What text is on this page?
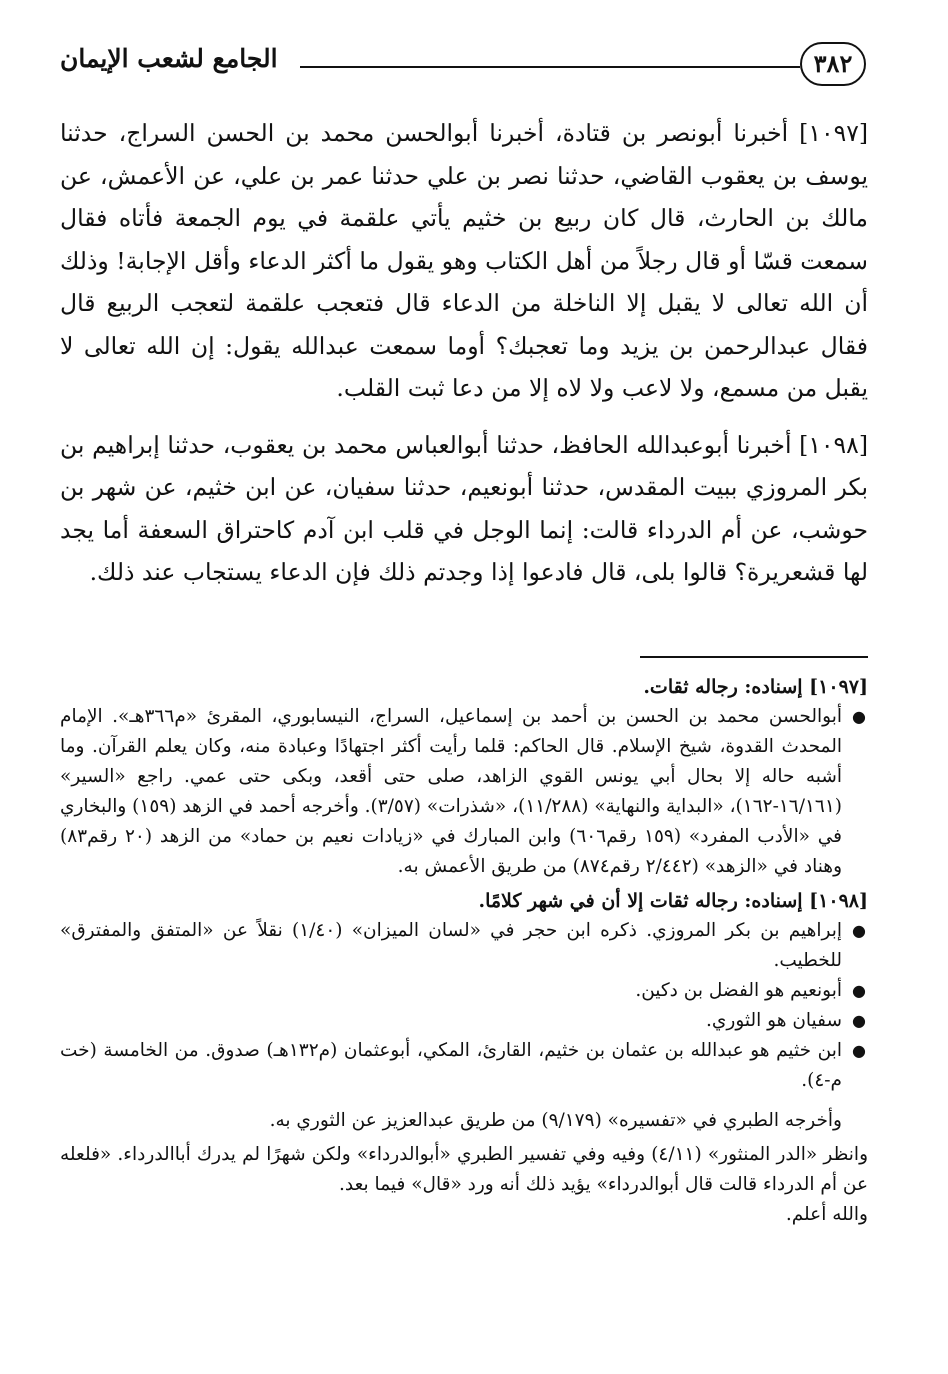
٣٨٢
الجامع لشعب الإيمان

[١٠٩٧] أخبرنا أبونصر بن قتادة، أخبرنا أبوالحسن محمد بن الحسن السراج، حدثنا يوسف بن يعقوب القاضي، حدثنا نصر بن علي حدثنا عمر بن علي، عن الأعمش، عن مالك بن الحارث، قال كان ربيع بن خثيم يأتي علقمة في يوم الجمعة فأتاه فقال سمعت قسّا أو قال رجلاً من أهل الكتاب وهو يقول ما أكثر الدعاء وأقل الإجابة! وذلك أن الله تعالى لا يقبل إلا الناخلة من الدعاء قال فتعجب علقمة لتعجب الربيع قال فقال عبدالرحمن بن يزيد وما تعجبك؟ أوما سمعت عبدالله يقول: إن الله تعالى لا يقبل من مسمع، ولا لاعب ولا لاه إلا من دعا ثبت القلب.

[١٠٩٨] أخبرنا أبوعبدالله الحافظ، حدثنا أبوالعباس محمد بن يعقوب، حدثنا إبراهيم بن بكر المروزي ببيت المقدس، حدثنا أبونعيم، حدثنا سفيان، عن ابن خثيم، عن شهر بن حوشب، عن أم الدرداء قالت: إنما الوجل في قلب ابن آدم كاحتراق السعفة أما يجد لها قشعريرة؟ قالوا بلى، قال فادعوا إذا وجدتم ذلك فإن الدعاء يستجاب عند ذلك.

[١٠٩٧] إسناده: رجاله ثقات.

●
أبوالحسن محمد بن الحسن بن أحمد بن إسماعيل، السراج، النيسابوري، المقرئ «م٣٦٦هـ». الإمام المحدث القدوة، شيخ الإسلام. قال الحاكم: قلما رأيت أكثر اجتهادًا وعبادة منه، وكان يعلم القرآن. وما أشبه حاله إلا بحال أبي يونس القوي الزاهد، صلى حتى أقعد، وبكى حتى عمي. راجع «السير» (١٦/١٦١-١٦٢)، «البداية والنهاية» (١١/٢٨٨)، «شذرات» (٣/٥٧). وأخرجه أحمد في الزهد (١٥٩) والبخاري في «الأدب المفرد» (١٥٩ رقم٦٠٦) وابن المبارك في «زيادات نعيم بن حماد» من الزهد (٢٠ رقم٨٣) وهناد في «الزهد» (٢/٤٤٢ رقم٨٧٤) من طريق الأعمش به.

[١٠٩٨] إسناده: رجاله ثقات إلا أن في شهر كلامًا.

●
إبراهيم بن بكر المروزي. ذكره ابن حجر في «لسان الميزان» (١/٤٠) نقلاً عن «المتفق والمفترق» للخطيب.
●
أبونعيم هو الفضل بن دكين.
●
سفيان هو الثوري.
●
ابن خثيم هو عبدالله بن عثمان بن خثيم، القارئ، المكي، أبوعثمان (م١٣٢هـ) صدوق. من الخامسة (خت م-٤).

وأخرجه الطبري في «تفسيره» (٩/١٧٩) من طريق عبدالعزيز عن الثوري به.

وانظر «الدر المنثور» (٤/١١) وفيه وفي تفسير الطبري «أبوالدرداء» ولكن شهرًا لم يدرك أباالدرداء. «فلعله عن أم الدرداء قالت قال أبوالدرداء» يؤيد ذلك أنه ورد «قال» فيما بعد.

والله أعلم.
